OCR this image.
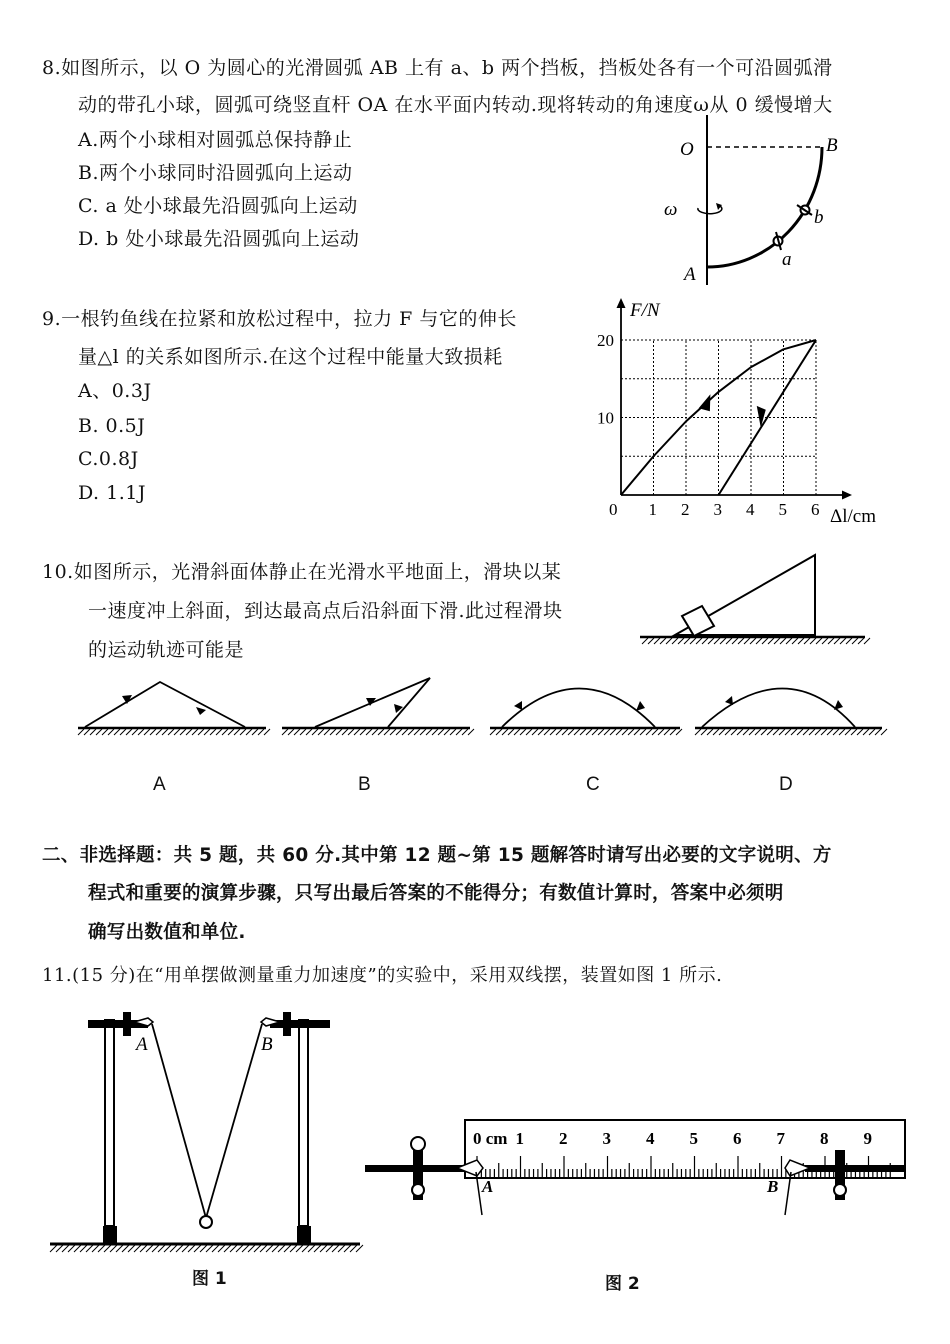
8.如图所示，以 O 为圆心的光滑圆弧 AB 上有 a、b 两个挡板，挡板处各有一个可沿圆弧滑
动的带孔小球，圆弧可绕竖直杆 OA 在水平面内转动.现将转动的角速度ω从 0 缓慢增大
A.两个小球相对圆弧总保持静止
B.两个小球同时沿圆弧向上运动
C. a 处小球最先沿圆弧向上运动
D. b 处小球最先沿圆弧向上运动
O	B
A
a
b
ω
9.一根钓鱼线在拉紧和放松过程中，拉力 F 与它的伸长
量△l 的关系如图所示.在这个过程中能量大致损耗
A、0.3J
B. 0.5J
C.0.8J
D. 1.1J
0 1 2 3 4 5 6
10
20
F/N
Δl/cm
10.如图所示，光滑斜面体静止在光滑水平地面上，滑块以某
一速度冲上斜面，到达最高点后沿斜面下滑.此过程滑块
的运动轨迹可能是
A	B	C	D
二、非选择题：共 5 题，共 60 分.其中第 12 题~第 15 题解答时请写出必要的文字说明、方
程式和重要的演算步骤，只写出最后答案的不能得分；有数值计算时，答案中必须明
确写出数值和单位.
11.(15 分)在“用单摆做测量重力加速度”的实验中，采用双线摆，装置如图 1 所示.
A	B
图 1
0 cm 1 2 3 4 5 6 7 8 9
A	B
图 2
